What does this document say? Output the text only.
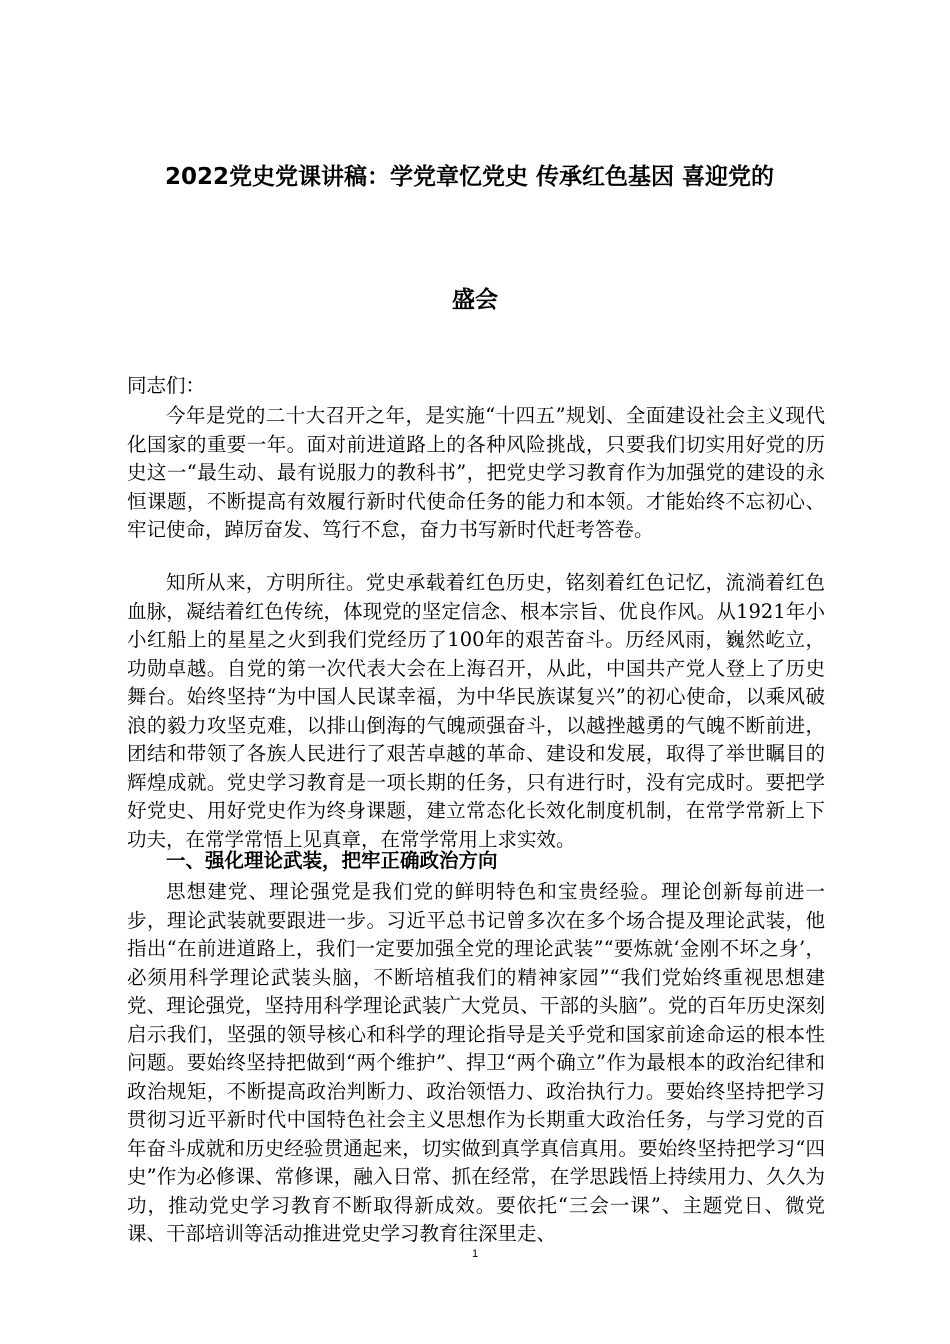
2022党史党课讲稿：学党章忆党史 传承红色基因 喜迎党的
盛会
同志们：

今年是党的二十大召开之年，是实施“十四五”规划、全面建设社会主义现代化国家的重要一年。面对前进道路上的各种风险挑战，只要我们切实用好党的历史这一“最生动、最有说服力的教科书”，把党史学习教育作为加强党的建设的永恒课题，不断提高有效履行新时代使命任务的能力和本领。才能始终不忘初心、牢记使命，踔厉奋发、笃行不怠，奋力书写新时代赶考答卷。

知所从来，方明所往。党史承载着红色历史，铭刻着红色记忆，流淌着红色血脉，凝结着红色传统，体现党的坚定信念、根本宗旨、优良作风。从1921年小小红船上的星星之火到我们党经历了100年的艰苦奋斗。历经风雨，巍然屹立，功勋卓越。自党的第一次代表大会在上海召开，从此，中国共产党人登上了历史舞台。始终坚持“为中国人民谋幸福，为中华民族谋复兴”的初心使命，以乘风破浪的毅力攻坚克难，以排山倒海的气魄顽强奋斗，以越挫越勇的气魄不断前进，团结和带领了各族人民进行了艰苦卓越的革命、建设和发展，取得了举世瞩目的辉煌成就。党史学习教育是一项长期的任务，只有进行时，没有完成时。要把学好党史、用好党史作为终身课题，建立常态化长效化制度机制，在常学常新上下功夫，在常学常悟上见真章，在常学常用上求实效。

一、强化理论武装，把牢正确政治方向

思想建党、理论强党是我们党的鲜明特色和宝贵经验。理论创新每前进一步，理论武装就要跟进一步。习近平总书记曾多次在多个场合提及理论武装，他指出“在前进道路上，我们一定要加强全党的理论武装”“要炼就‘金刚不坏之身’，必须用科学理论武装头脑，不断培植我们的精神家园”“我们党始终重视思想建党、理论强党，坚持用科学理论武装广大党员、干部的头脑”。党的百年历史深刻启示我们，坚强的领导核心和科学的理论指导是关乎党和国家前途命运的根本性问题。要始终坚持把做到“两个维护”、捍卫“两个确立”作为最根本的政治纪律和政治规矩，不断提高政治判断力、政治领悟力、政治执行力。要始终坚持把学习贯彻习近平新时代中国特色社会主义思想作为长期重大政治任务，与学习党的百年奋斗成就和历史经验贯通起来，切实做到真学真信真用。要始终坚持把学习“四史”作为必修课、常修课，融入日常、抓在经常，在学思践悟上持续用力、久久为功，推动党史学习教育不断取得新成效。要依托“三会一课”、主题党日、微党课、干部培训等活动推进党史学习教育往深里走、

1
